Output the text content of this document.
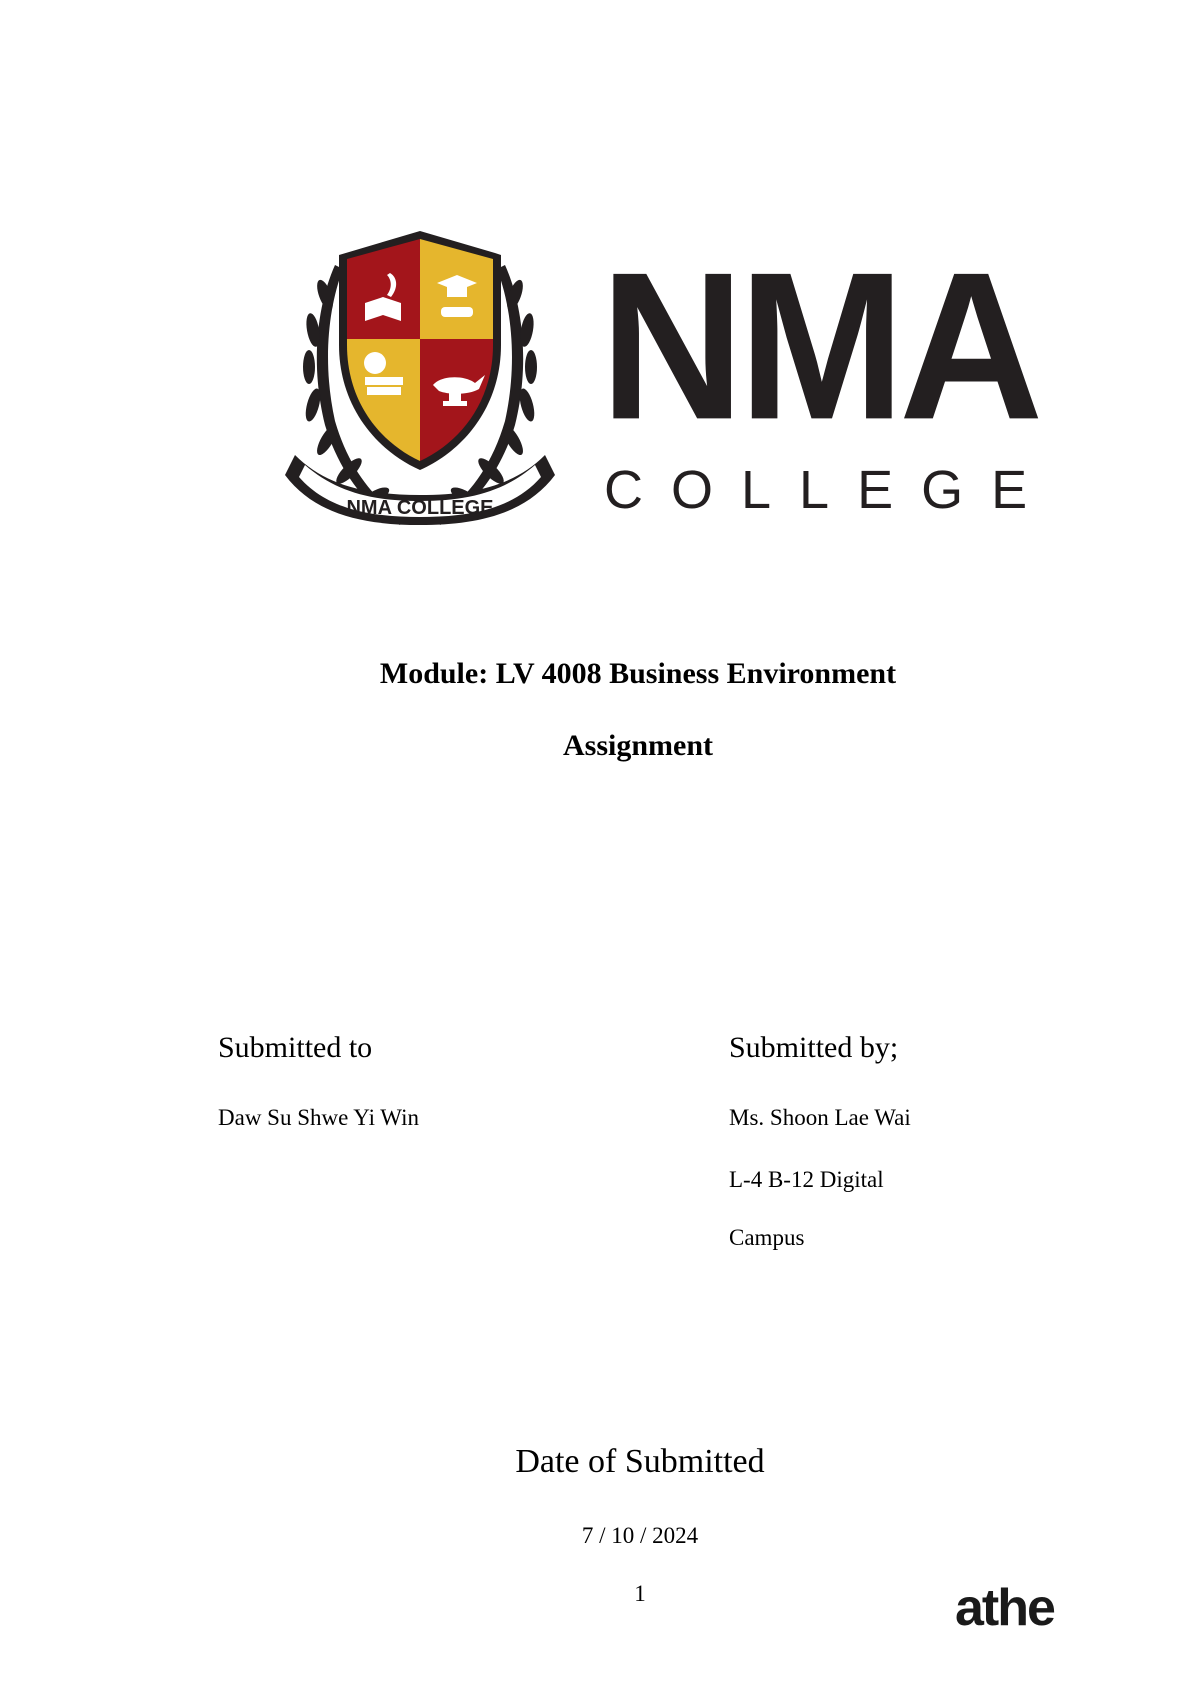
NMA COLLEGE
NMA
COLLEGE
Module: LV 4008 Business Environment
Assignment
Submitted to
Daw Su Shwe Yi Win
Submitted by;
Ms. Shoon Lae Wai
L-4 B-12 Digital
Campus
Date of Submitted
7 / 10 / 2024
1	athe
